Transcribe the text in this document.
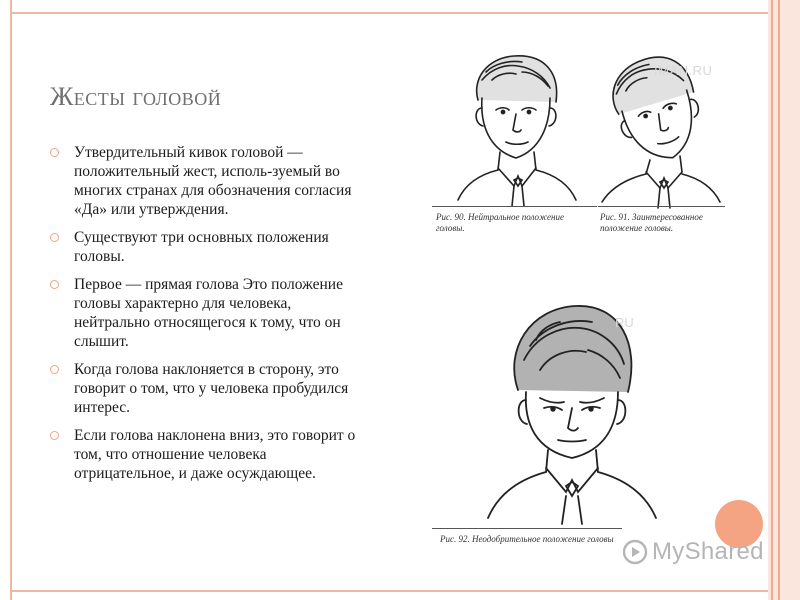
Жесты головой
Утвердительный кивок головой — положительный жест, исполь-зуемый во многих странах для обозначения согласия «Да» или утверждения.
Существуют три основных положения головы.
Первое — прямая голова Это положение головы характерно для человека, нейтрально относящегося к тому, что он слышит.
Когда голова наклоняется в сторону, это говорит о том, что у человека пробудился интерес.
Если голова наклонена вниз, это говорит о том, что отношение человека отрицательное, и даже осуждающее.
Рис. 90. Нейтральное положение головы.
Рис. 91. Заинтересованное положение головы.
Рис. 92. Неодобрительное положение головы
IMAN.RU
RU
MyShared
